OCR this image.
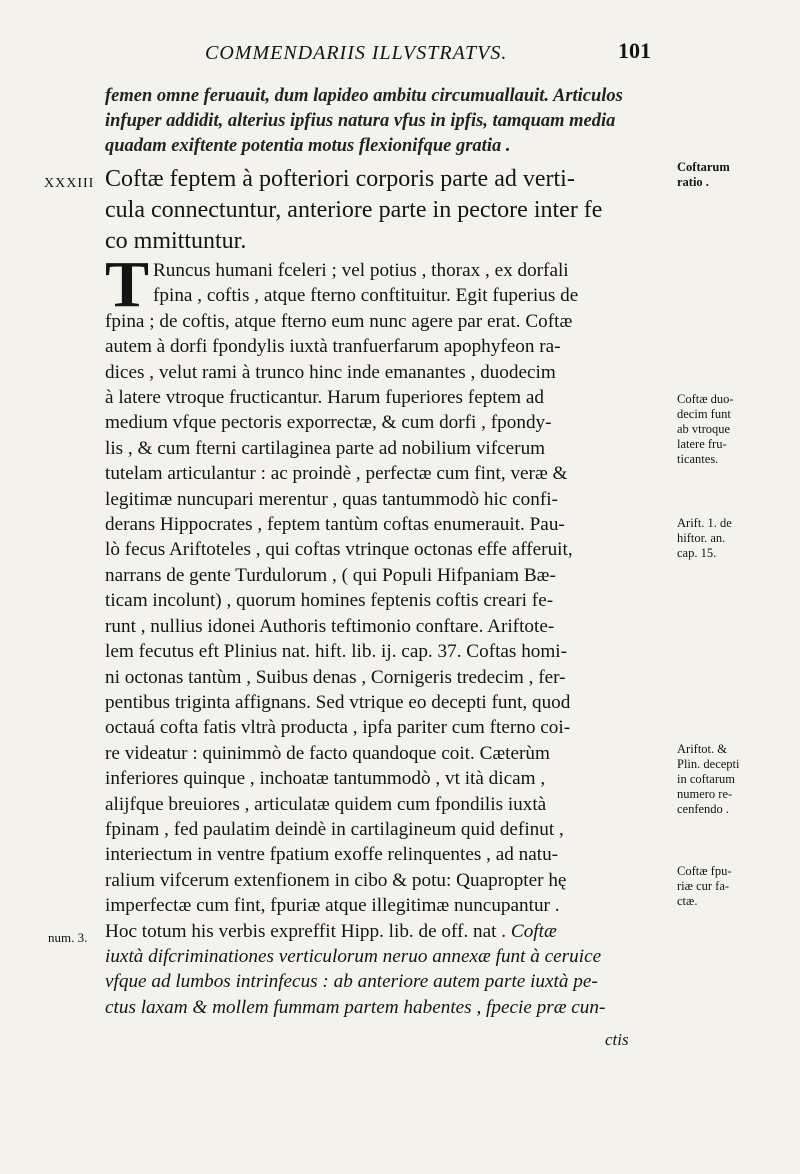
COMMENDARIIS ILLVSTRATVS.	101
femen omne feruauit, dum lapideo ambitu circumuallauit. Articulos
infuper addidit, alterius ipfius natura vfus in ipfis, tamquam media
quadam exiftente potentia motus flexionifque gratia .
XXXIII Coftæ feptem à pofteriori corporis parte ad verti-
cula connectuntur, anteriore parte in pectore inter fe
co mmittuntur.
T Runcus humani fceleri ; vel potius , thorax , ex dorfali
fpina , coftis , atque fterno conftituitur. Egit fuperius de
fpina ; de coftis, atque fterno eum nunc agere par erat. Coftæ
autem à dorfi fpondylis iuxtà tranfuerfarum apophyfeon ra-
dices , velut rami à trunco hinc inde emanantes , duodecim
à latere vtroque fructicantur. Harum fuperiores feptem ad
medium vfque pectoris exporrectæ, & cum dorfi , fpondy-
lis , & cum fterni cartilaginea parte ad nobilium vifcerum
tutelam articulantur : ac proindè , perfectæ cum fint, veræ &
legitimæ nuncupari merentur , quas tantummodò hic confi-
derans Hippocrates , feptem tantùm coftas enumerauit. Pau-
lò fecus Ariftoteles , qui coftas vtrinque octonas effe afferuit,
narrans de gente Turdulorum , ( qui Populi Hifpaniam Bæ-
ticam incolunt) , quorum homines feptenis coftis creari fe-
runt , nullius idonei Authoris teftimonio conftare. Ariftote-
lem fecutus eft Plinius nat. hift. lib. ij. cap. 37. Coftas homi-
ni octonas tantùm , Suibus denas , Cornigeris tredecim , fer-
pentibus triginta affignans. Sed vtrique eo decepti funt, quod
octauá cofta fatis vltrà producta , ipfa pariter cum fterno coi-
re videatur : quinimmò de facto quandoque coit. Cæterùm
inferiores quinque , inchoatæ tantummodò , vt ità dicam ,
alijfque breuiores , articulatæ quidem cum fpondilis iuxtà
fpinam , fed paulatim deindè in cartilagineum quid definut ,
interiectum in ventre fpatium exoffe relinquentes , ad natu-
ralium vifcerum extenfionem in cibo & potu: Quapropter hę
imperfectæ cum fint, fpuriæ atque illegitimæ nuncupantur .
Hoc totum his verbis expreffit Hipp. lib. de off. nat . Coftæ
iuxtà difcriminationes verticulorum neruo annexæ funt à ceruice
vfque ad lumbos intrinfecus : ab anteriore autem parte iuxtà pe-
ctus laxam & mollem fummam partem habentes , fpecie præ cun-
ctis
Coftarum
ratio .
Coftæ duo-
decim funt
ab vtroque
latere fru-
ticantes.
Arift. 1. de
hiftor. an.
cap. 15.
Ariftot. &
Plin. decepti
in coftarum
numero re-
cenfendo .
Coftæ fpu-
riæ cur fa-
ctæ.
num. 3.
